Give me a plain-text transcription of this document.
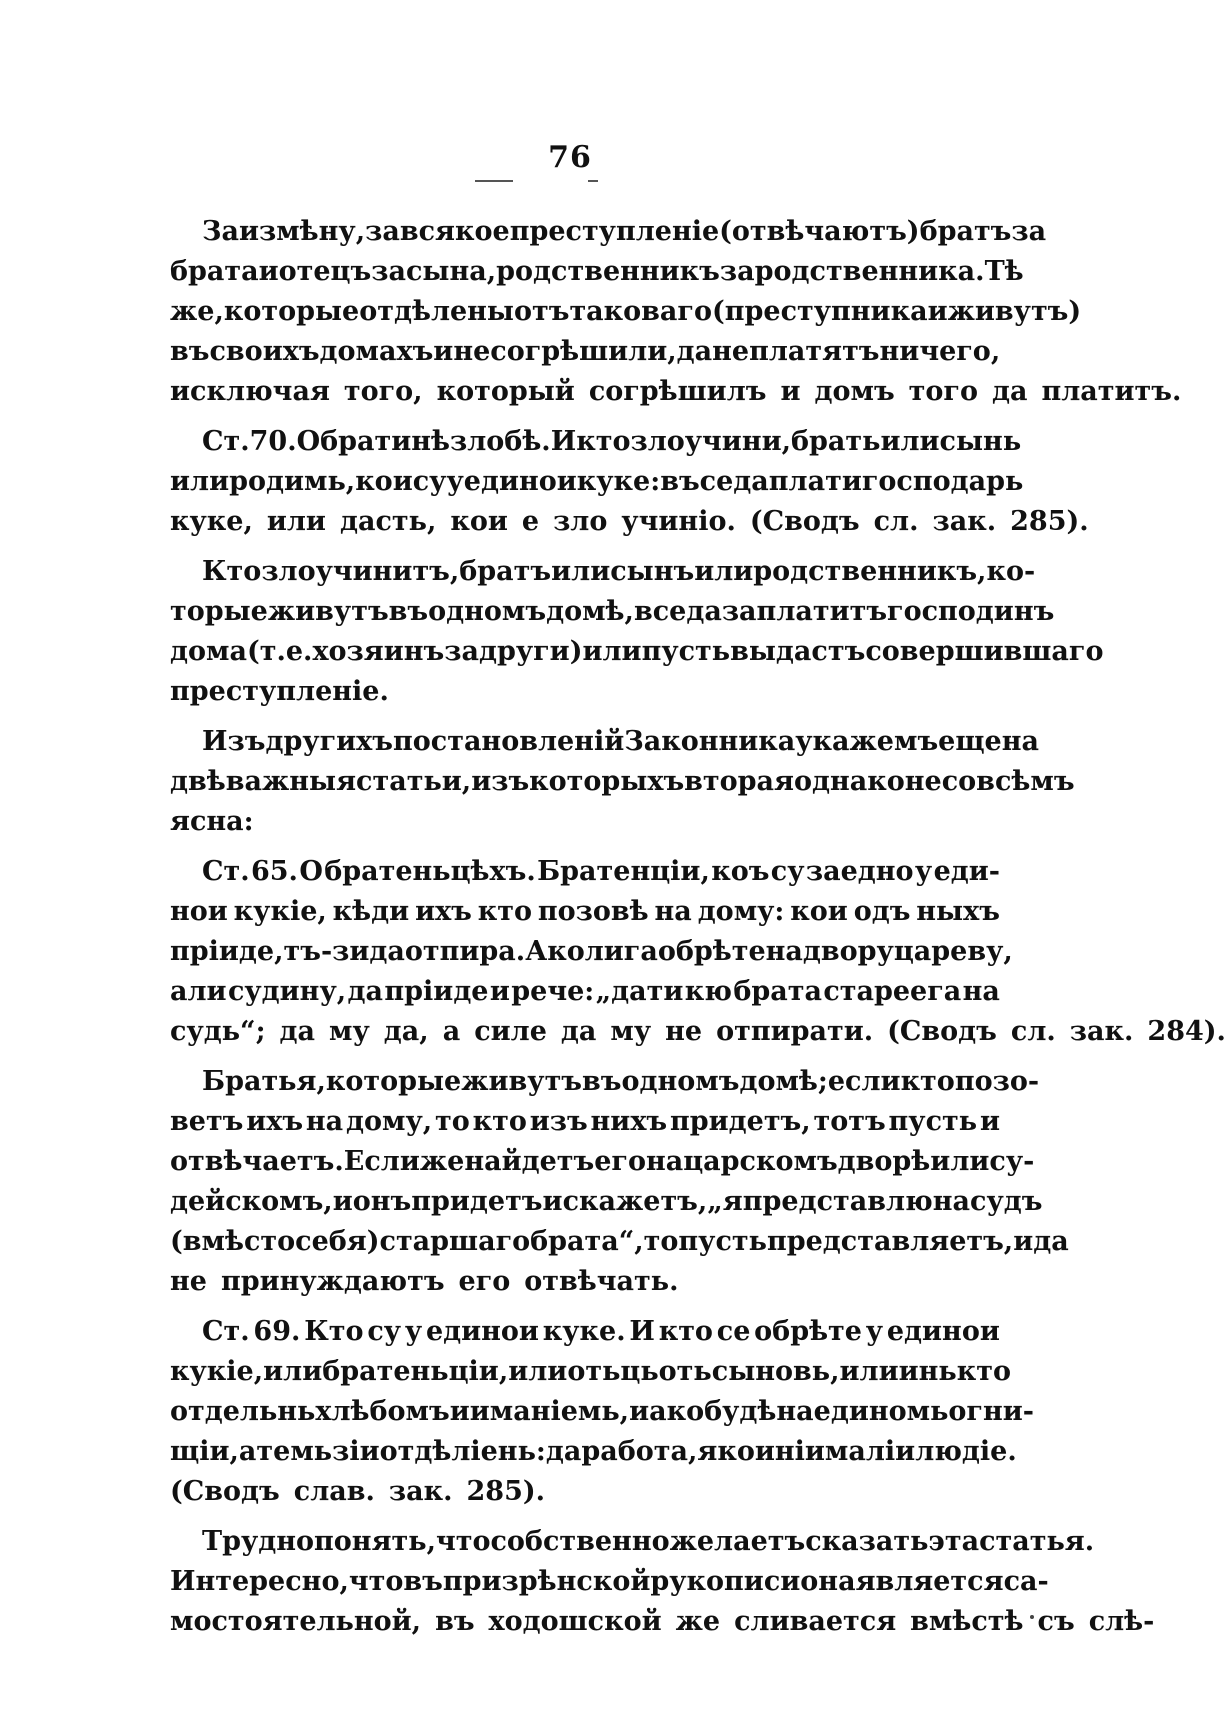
76
За измѣну, за всякое преступленіе (отвѣчаютъ) братъ за
брата и отецъ за сына, родственникъ за родственника. Тѣ
же, которые отдѣлены отъ таковаго (преступника и живутъ)
въ своихъ домахъ и не согрѣшили, да не платятъ ничего,
исключая того, который согрѣшилъ и домъ того да платитъ.
Ст. 70. О братинѣ злобѣ. И кто зло учини, брать или сынь
или родимь, кои су у единои куке: въсе да плати господарь
куке, или дасть, кои е зло учиніо. (Сводъ сл. зак. 285).
Кто зло учинитъ, братъ или сынъ или родственникъ, ко-
торые живутъ въ одномъ домѣ, все да заплатитъ господинъ
дома (т. е. хозяинъ задруги) или пусть выдастъ совершившаго
преступленіе.
Изъ другихъ постановленій Законника укажемъ еще на
двѣ важныя статьи, изъ которыхъ вторая однако не совсѣмъ
ясна:
Ст. 65. О братеньцѣхъ. Братенціи, коъ су заедно у еди-
нои кукіе, кѣди ихъ кто позовѣ на дому: кои одъ ныхъ
пріиде, тъ-зи да отпира. Ако ли га обрѣте на двору цареву,
али судину, да пріиде и рече: „дати кю брата стареега на
судь“; да му да, а силе да му не отпирати. (Сводъ сл. зак. 284).
Братья, которые живутъ въ одномъ домѣ; если кто позо-
ветъ ихъ на дому, то кто изъ нихъ придетъ, тотъ пусть и
отвѣчаетъ. Если же найдетъ его на царскомъ дворѣ или су-
дейскомъ, и онъ придетъ и скажетъ, „я представлю на судъ
(вмѣсто себя) старшаго брата“, то пусть представляетъ, и да
не принуждаютъ его отвѣчать.
Ст. 69. Кто су у единои куке. И кто се обрѣте у единои
кукіе, или братеньціи, или отьць оть сыновь, или инь кто
отдельнь хлѣбомъ и иманіемь, и ако будѣ на единомь огни-
щіи, а темь зіи отдѣліень: да работа, яко иніи маліи людіе.
(Сводъ слав. зак. 285).
Трудно понять, что собственно желаетъ сказать эта статья.
Интересно, что въ призрѣнской рукописи она является са-
мостоятельной, въ ходошской же сливается вмѣстѣ съ слѣ-
